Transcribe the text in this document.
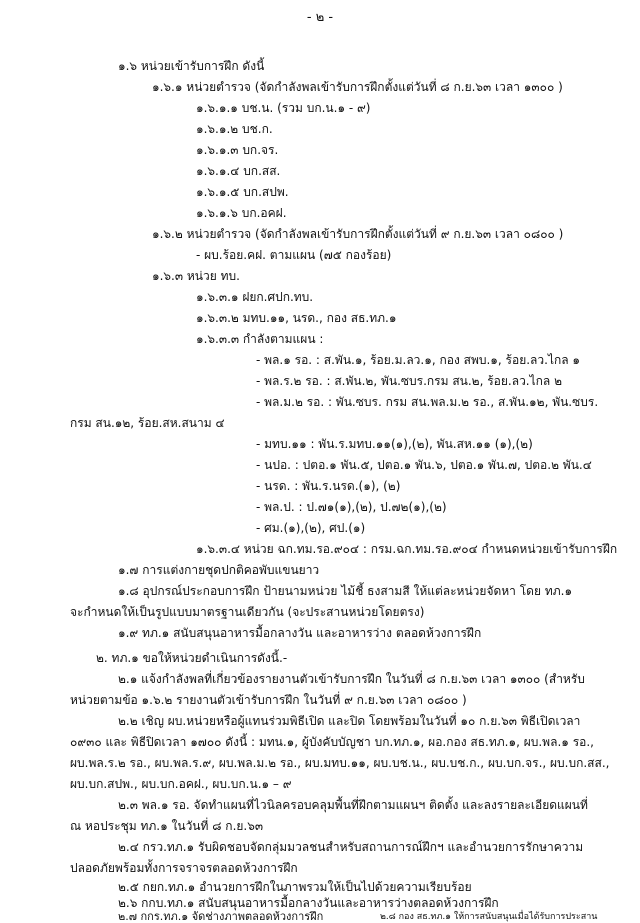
- ๒ -
๑.๖ หน่วยเข้ารับการฝึก ดังนี้
๑.๖.๑ หน่วยตำรวจ (จัดกำลังพลเข้ารับการฝึกตั้งแต่วันที่ ๘ ก.ย.๖๓ เวลา ๑๓๐๐ )
๑.๖.๑.๑ บช.น. (รวม บก.น.๑ - ๙)
๑.๖.๑.๒ บช.ก.
๑.๖.๑.๓ บก.จร.
๑.๖.๑.๔ บก.สส.
๑.๖.๑.๕ บก.สปพ.
๑.๖.๑.๖ บก.อคฝ.
๑.๖.๒ หน่วยตำรวจ (จัดกำลังพลเข้ารับการฝึกตั้งแต่วันที่ ๙ ก.ย.๖๓ เวลา ๐๘๐๐ )
- ผบ.ร้อย.คฝ. ตามแผน (๗๕ กองร้อย)
๑.๖.๓ หน่วย ทบ.
๑.๖.๓.๑ ฝยก.ศปก.ทบ.
๑.๖.๓.๒ มทบ.๑๑, นรด., กอง สธ.ทภ.๑
๑.๖.๓.๓ กำลังตามแผน :
- พล.๑ รอ. : ส.พัน.๑, ร้อย.ม.ลว.๑, กอง สพบ.๑, ร้อย.ลว.ไกล ๑
- พล.ร.๒ รอ. : ส.พัน.๒, พัน.ซบร.กรม สน.๒, ร้อย.ลว.ไกล ๒
- พล.ม.๒ รอ. : พัน.ซบร. กรม สน.พล.ม.๒ รอ., ส.พัน.๑๒, พัน.ซบร.
กรม สน.๑๒, ร้อย.สห.สนาม ๔
- มทบ.๑๑ : พัน.ร.มทบ.๑๑(๑),(๒), พัน.สห.๑๑ (๑),(๒)
- นปอ. : ปตอ.๑ พัน.๕, ปตอ.๑ พัน.๖, ปตอ.๑ พัน.๗, ปตอ.๒ พัน.๔
- นรด. : พัน.ร.นรด.(๑), (๒)
- พล.ป. : ป.๗๑(๑),(๒), ป.๗๒(๑),(๒)
- ศม.(๑),(๒), ศป.(๑)
๑.๖.๓.๔ หน่วย ฉก.ทม.รอ.๙๐๔ : กรม.ฉก.ทม.รอ.๙๐๔ กำหนดหน่วยเข้ารับการฝึก
๑.๗ การแต่งกายชุดปกติคอพับแขนยาว
๑.๘ อุปกรณ์ประกอบการฝึก ป้ายนามหน่วย ไม้ชี้ ธงสามสี ให้แต่ละหน่วยจัดหา โดย ทภ.๑
จะกำหนดให้เป็นรูปแบบมาตรฐานเดียวกัน (จะประสานหน่วยโดยตรง)
๑.๙ ทภ.๑ สนับสนุนอาหารมื้อกลางวัน และอาหารว่าง ตลอดห้วงการฝึก
๒. ทภ.๑ ขอให้หน่วยดำเนินการดังนี้.-
๒.๑ แจ้งกำลังพลที่เกี่ยวข้องรายงานตัวเข้ารับการฝึก ในวันที่ ๘ ก.ย.๖๓ เวลา ๑๓๐๐ (สำหรับ
หน่วยตามข้อ ๑.๖.๒ รายงานตัวเข้ารับการฝึก ในวันที่ ๙ ก.ย.๖๓ เวลา ๐๘๐๐ )
๒.๒ เชิญ ผบ.หน่วยหรือผู้แทนร่วมพิธีเปิด และปิด โดยพร้อมในวันที่ ๑๐ ก.ย.๖๓ พิธีเปิดเวลา
๐๙๓๐ และ พิธีปิดเวลา ๑๗๐๐ ดังนี้ : มทน.๑, ผู้บังคับบัญชา บก.ทภ.๑, ผอ.กอง สธ.ทภ.๑, ผบ.พล.๑ รอ.,
ผบ.พล.ร.๒ รอ., ผบ.พล.ร.๙, ผบ.พล.ม.๒ รอ., ผบ.มทบ.๑๑, ผบ.บช.น., ผบ.บช.ก., ผบ.บก.จร., ผบ.บก.สส.,
ผบ.บก.สปพ., ผบ.บก.อคฝ., ผบ.บก.น.๑ – ๙
๒.๓ พล.๑ รอ. จัดทำแผนที่ไวนิลครอบคลุมพื้นที่ฝึกตามแผนฯ ติดตั้ง และลงรายละเอียดแผนที่
ณ หอประชุม ทภ.๑ ในวันที่ ๘ ก.ย.๖๓
๒.๔ กรว.ทภ.๑ รับผิดชอบจัดกลุ่มมวลชนสำหรับสถานการณ์ฝึกฯ และอำนวยการรักษาความ
ปลอดภัยพร้อมทั้งการจราจรตลอดห้วงการฝึก
๒.๕ กยก.ทภ.๑ อำนวยการฝึกในภาพรวมให้เป็นไปด้วยความเรียบร้อย
๒.๖ กกบ.ทภ.๑ สนับสนุนอาหารมื้อกลางวันและอาหารว่างตลอดห้วงการฝึก
๒.๗ กกร.ทภ.๑ จัดช่างภาพตลอดห้วงการฝึก	๒.๘ กอง สธ.ทภ.๑ ให้การสนับสนุนเมื่อได้รับการประสาน
